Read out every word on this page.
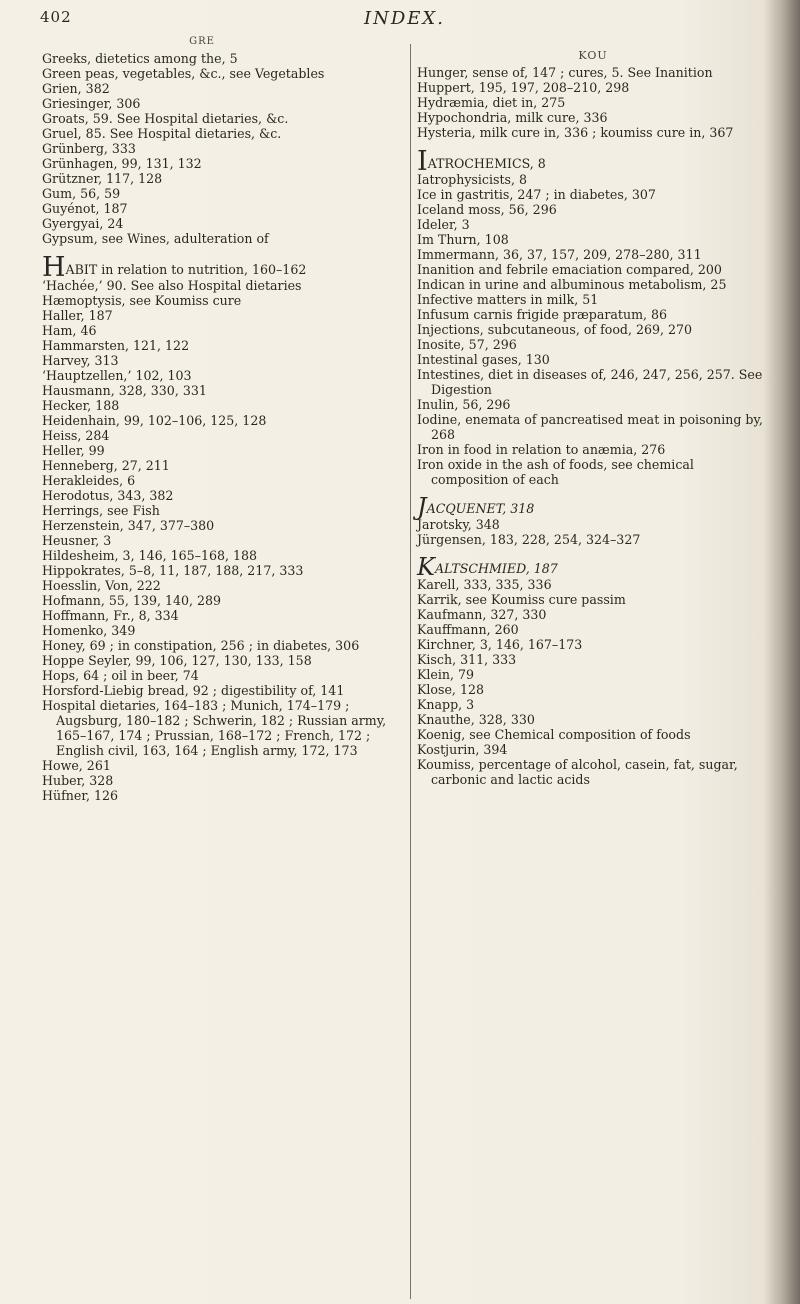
402	INDEX.
GRE

Greeks, dietetics among the, 5

Green peas, vegetables, &c., see Vegetables

Grien, 382

Griesinger, 306

Groats, 59. See Hospital dietaries, &c.

Gruel, 85. See Hospital dietaries, &c.

Grünberg, 333

Grünhagen, 99, 131, 132

Grützner, 117, 128

Gum, 56, 59

Guyénot, 187

Gyergyai, 24

Gypsum, see Wines, adulteration of

HABIT in relation to nutrition, 160–162

‘Hachée,’ 90. See also Hospital dietaries

Hæmoptysis, see Koumiss cure

Haller, 187

Ham, 46

Hammarsten, 121, 122

Harvey, 313

‘Hauptzellen,’ 102, 103

Hausmann, 328, 330, 331

Hecker, 188

Heidenhain, 99, 102–106, 125, 128

Heiss, 284

Heller, 99

Henneberg, 27, 211

Herakleides, 6

Herodotus, 343, 382

Herrings, see Fish

Herzenstein, 347, 377–380

Heusner, 3

Hildesheim, 3, 146, 165–168, 188

Hippokrates, 5–8, 11, 187, 188, 217, 333

Hoesslin, Von, 222

Hofmann, 55, 139, 140, 289

Hoffmann, Fr., 8, 334

Homenko, 349

Honey, 69 ; in constipation, 256 ; in diabetes, 306

Hoppe Seyler, 99, 106, 127, 130, 133, 158

Hops, 64 ; oil in beer, 74

Horsford-Liebig bread, 92 ; digestibility of, 141

Hospital dietaries, 164–183 ; Munich, 174–179 ; Augsburg, 180–182 ; Schwerin, 182 ; Russian army, 165–167, 174 ; Prussian, 168–172 ; French, 172 ; English civil, 163, 164 ; English army, 172, 173

Howe, 261

Huber, 328

Hüfner, 126

KOU

Hunger, sense of, 147 ; cures, 5. See Inanition

Huppert, 195, 197, 208–210, 298

Hydræmia, diet in, 275

Hypochondria, milk cure, 336

Hysteria, milk cure in, 336 ; koumiss cure in, 367

IATROCHEMICS, 8

Iatrophysicists, 8

Ice in gastritis, 247 ; in diabetes, 307

Iceland moss, 56, 296

Ideler, 3

Im Thurn, 108

Immermann, 36, 37, 157, 209, 278–280, 311

Inanition and febrile emaciation compared, 200

Indican in urine and albuminous metabolism, 25

Infective matters in milk, 51

Infusum carnis frigide præparatum, 86

Injections, subcutaneous, of food, 269, 270

Inosite, 57, 296

Intestinal gases, 130

Intestines, diet in diseases of, 246, 247, 256, 257. See Digestion

Inulin, 56, 296

Iodine, enemata of pancreatised meat in poisoning by, 268

Iron in food in relation to anæmia, 276

Iron oxide in the ash of foods, see chemical composition of each

JACQUENET, 318

Jarotsky, 348

Jürgensen, 183, 228, 254, 324–327

KALTSCHMIED, 187

Karell, 333, 335, 336

Karrik, see Koumiss cure passim

Kaufmann, 327, 330

Kauffmann, 260

Kirchner, 3, 146, 167–173

Kisch, 311, 333

Klein, 79

Klose, 128

Knapp, 3

Knauthe, 328, 330

Koenig, see Chemical composition of foods

Kostjurin, 394

Koumiss, percentage of alcohol, casein, fat, sugar, carbonic and lactic acids
